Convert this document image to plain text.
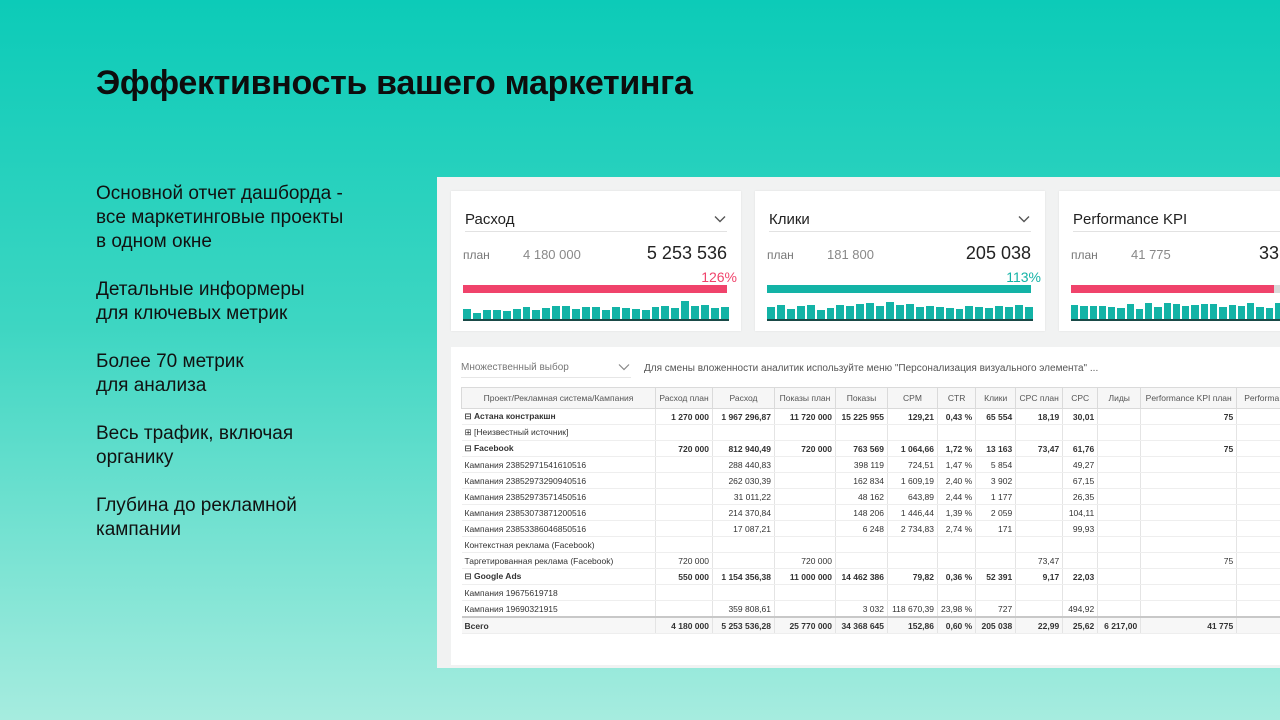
Эффективность вашего маркетинга
Основной отчет дашборда -
все маркетинговые проекты
в одном окне
Детальные информеры
для ключевых метрик
Более 70 метрик
для анализа
Весь трафик, включая
органику
Глубина до рекламной
кампании
Расход
план	4 180 000	5 253 536
126%
Клики
план	181 800	205 038
113%
Performance KPI
план	41 775	33
Множественный выбор	Для смены вложенности аналитик используйте меню "Персонализация визуального элемента" ...
Проект/Рекламная система/Кампания	Расход план	Расход	Показы план	Показы	CPM	CTR	Клики	CPC план	CPC	Лиды	Performance KPI план	Performa
⊟ Астана констракшн	1 270 000	1 967 296,87	11 720 000	15 225 955	129,21	0,43 %	65 554	18,19	30,01		75	
⊞ [Неизвестный источник]												
⊟ Facebook	720 000	812 940,49	720 000	763 569	1 064,66	1,72 %	13 163	73,47	61,76		75	
Кампания 23852971541610516		288 440,83		398 119	724,51	1,47 %	5 854		49,27			
Кампания 23852973290940516		262 030,39		162 834	1 609,19	2,40 %	3 902		67,15			
Кампания 23852973571450516		31 011,22		48 162	643,89	2,44 %	1 177		26,35			
Кампания 23853073871200516		214 370,84		148 206	1 446,44	1,39 %	2 059		104,11			
Кампания 23853386046850516		17 087,21		6 248	2 734,83	2,74 %	171		99,93			
Контекстная реклама (Facebook)												
Таргетированная реклама (Facebook)	720 000		720 000					73,47			75	
⊟ Google Ads	550 000	1 154 356,38	11 000 000	14 462 386	79,82	0,36 %	52 391	9,17	22,03			
Кампания 19675619718												
Кампания 19690321915		359 808,61		3 032	118 670,39	23,98 %	727		494,92			
Всего	4 180 000	5 253 536,28	25 770 000	34 368 645	152,86	0,60 %	205 038	22,99	25,62	6 217,00	41 775	
